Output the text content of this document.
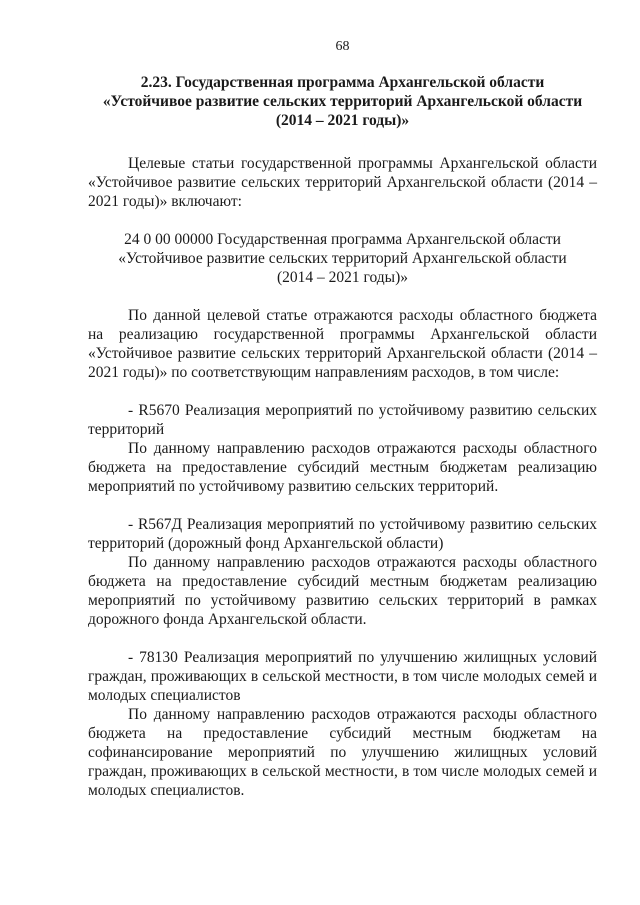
68
2.23. Государственная программа Архангельской области
«Устойчивое развитие сельских территорий Архангельской области
(2014 – 2021 годы)»

Целевые статьи государственной программы Архангельской области «Устойчивое развитие сельских территорий Архангельской области (2014 – 2021 годы)» включают:

24 0 00 00000 Государственная программа Архангельской области
«Устойчивое развитие сельских территорий Архангельской области
(2014 – 2021 годы)»

По данной целевой статье отражаются расходы областного бюджета на реализацию государственной программы Архангельской области «Устойчивое развитие сельских территорий Архангельской области (2014 – 2021 годы)» по соответствующим направлениям расходов, в том числе:

- R5670 Реализация мероприятий по устойчивому развитию сельских территорий

По данному направлению расходов отражаются расходы областного бюджета на предоставление субсидий местным бюджетам реализацию мероприятий по устойчивому развитию сельских территорий.

- R567Д Реализация мероприятий по устойчивому развитию сельских территорий (дорожный фонд Архангельской области)

По данному направлению расходов отражаются расходы областного бюджета на предоставление субсидий местным бюджетам реализацию мероприятий по устойчивому развитию сельских территорий в рамках дорожного фонда Архангельской области.

- 78130 Реализация мероприятий по улучшению жилищных условий граждан, проживающих в сельской местности, в том числе молодых семей и молодых специалистов

По данному направлению расходов отражаются расходы областного бюджета на предоставление субсидий местным бюджетам на софинансирование мероприятий по улучшению жилищных условий граждан, проживающих в сельской местности, в том числе молодых семей и молодых специалистов.
